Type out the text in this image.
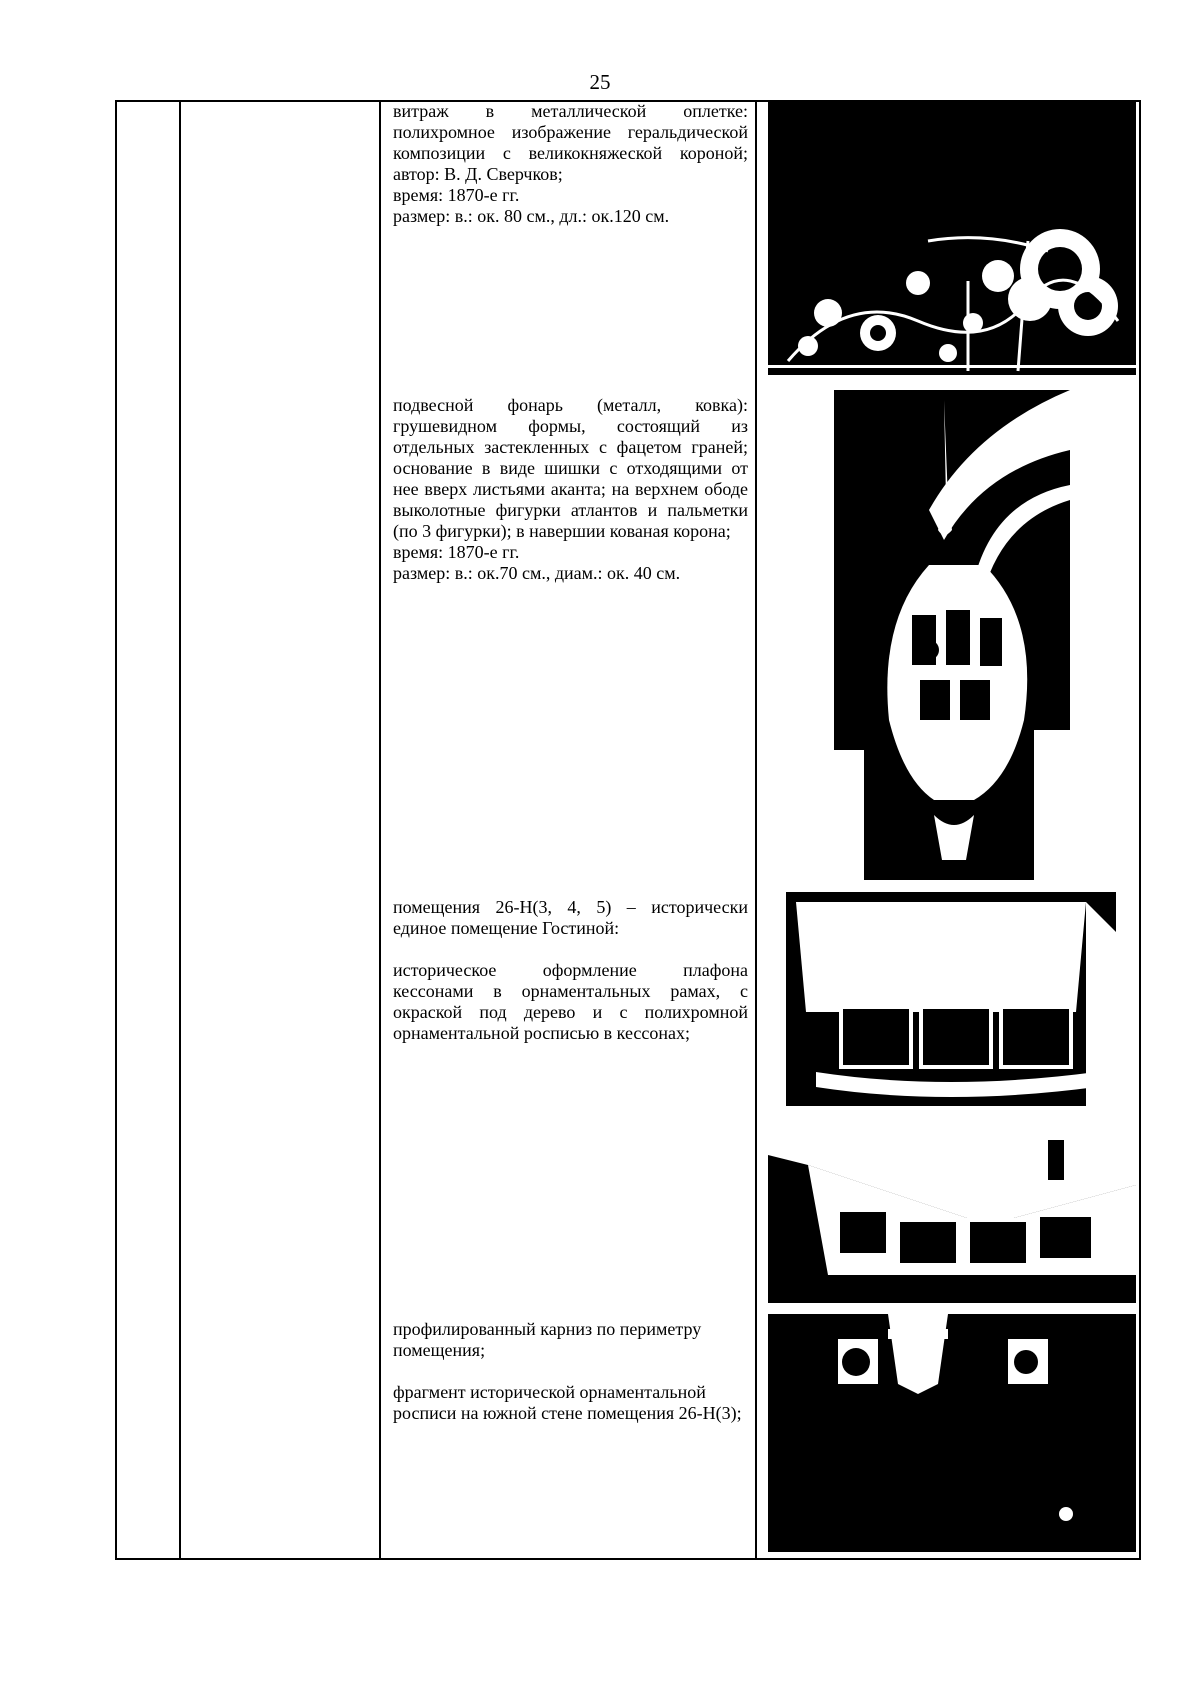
25

витраж в металлической оплетке: полихромное изображение геральдической композиции с великокняжеской короной; автор: В. Д. Сверчков;

время: 1870-е гг.

размер: в.: ок. 80 см., дл.: ок.120 см.

подвесной фонарь (металл, ковка): грушевидном формы, состоящий из отдельных застекленных с фацетом граней; основание в виде шишки с отходящими от нее вверх листьями аканта; на верхнем ободе выколотные фигурки атлантов и пальметки (по 3 фигурки); в навершии кованая корона;

время: 1870-е гг.

размер: в.: ок.70 см., диам.: ок. 40 см.

помещения 26-Н(3, 4, 5) – исторически единое помещение Гостиной:

историческое оформление плафона кессонами в орнаментальных рамах, с окраской под дерево и с полихромной орнаментальной росписью в кессонах;

профилированный карниз по периметру помещения;

фрагмент исторической орнаментальной росписи на южной стене помещения 26-Н(3);
